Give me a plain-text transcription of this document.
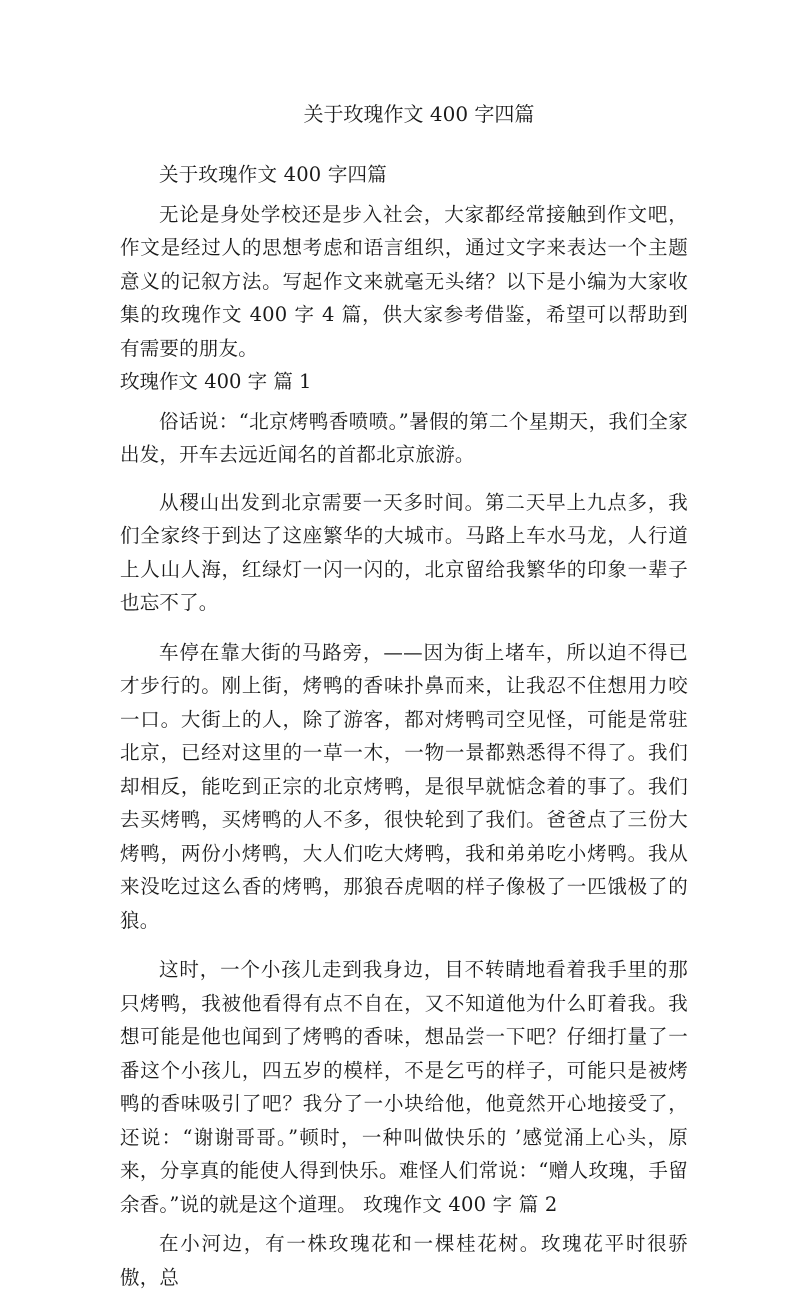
关于玫瑰作文 400 字四篇

关于玫瑰作文 400 字四篇

无论是身处学校还是步入社会，大家都经常接触到作文吧，作文是经过人的思想考虑和语言组织，通过文字来表达一个主题意义的记叙方法。写起作文来就毫无头绪？以下是小编为大家收集的玫瑰作文 400 字 4 篇，供大家参考借鉴，希望可以帮助到有需要的朋友。

玫瑰作文 400 字 篇 1

俗话说：“北京烤鸭香喷喷。”暑假的第二个星期天，我们全家出发，开车去远近闻名的首都北京旅游。

从稷山出发到北京需要一天多时间。第二天早上九点多，我们全家终于到达了这座繁华的大城市。马路上车水马龙，人行道上人山人海，红绿灯一闪一闪的，北京留给我繁华的印象一辈子也忘不了。

车停在靠大街的马路旁，——因为街上堵车，所以迫不得已才步行的。刚上街，烤鸭的香味扑鼻而来，让我忍不住想用力咬一口。大街上的人，除了游客，都对烤鸭司空见怪，可能是常驻北京，已经对这里的一草一木，一物一景都熟悉得不得了。我们却相反，能吃到正宗的北京烤鸭，是很早就惦念着的事了。我们去买烤鸭，买烤鸭的人不多，很快轮到了我们。爸爸点了三份大烤鸭，两份小烤鸭，大人们吃大烤鸭，我和弟弟吃小烤鸭。我从来没吃过这么香的烤鸭，那狼吞虎咽的样子像极了一匹饿极了的狼。

这时，一个小孩儿走到我身边，目不转睛地看着我手里的那只烤鸭，我被他看得有点不自在，又不知道他为什么盯着我。我想可能是他也闻到了烤鸭的香味，想品尝一下吧？仔细打量了一番这个小孩儿，四五岁的模样，不是乞丐的样子，可能只是被烤鸭的香味吸引了吧？我分了一小块给他，他竟然开心地接受了，还说：“谢谢哥哥。”顿时，一种叫做快乐的 ’感觉涌上心头，原来，分享真的能使人得到快乐。难怪人们常说：“赠人玫瑰，手留余香。”说的就是这个道理。 玫瑰作文 400 字 篇 2

在小河边，有一株玫瑰花和一棵桂花树。玫瑰花平时很骄傲，总
